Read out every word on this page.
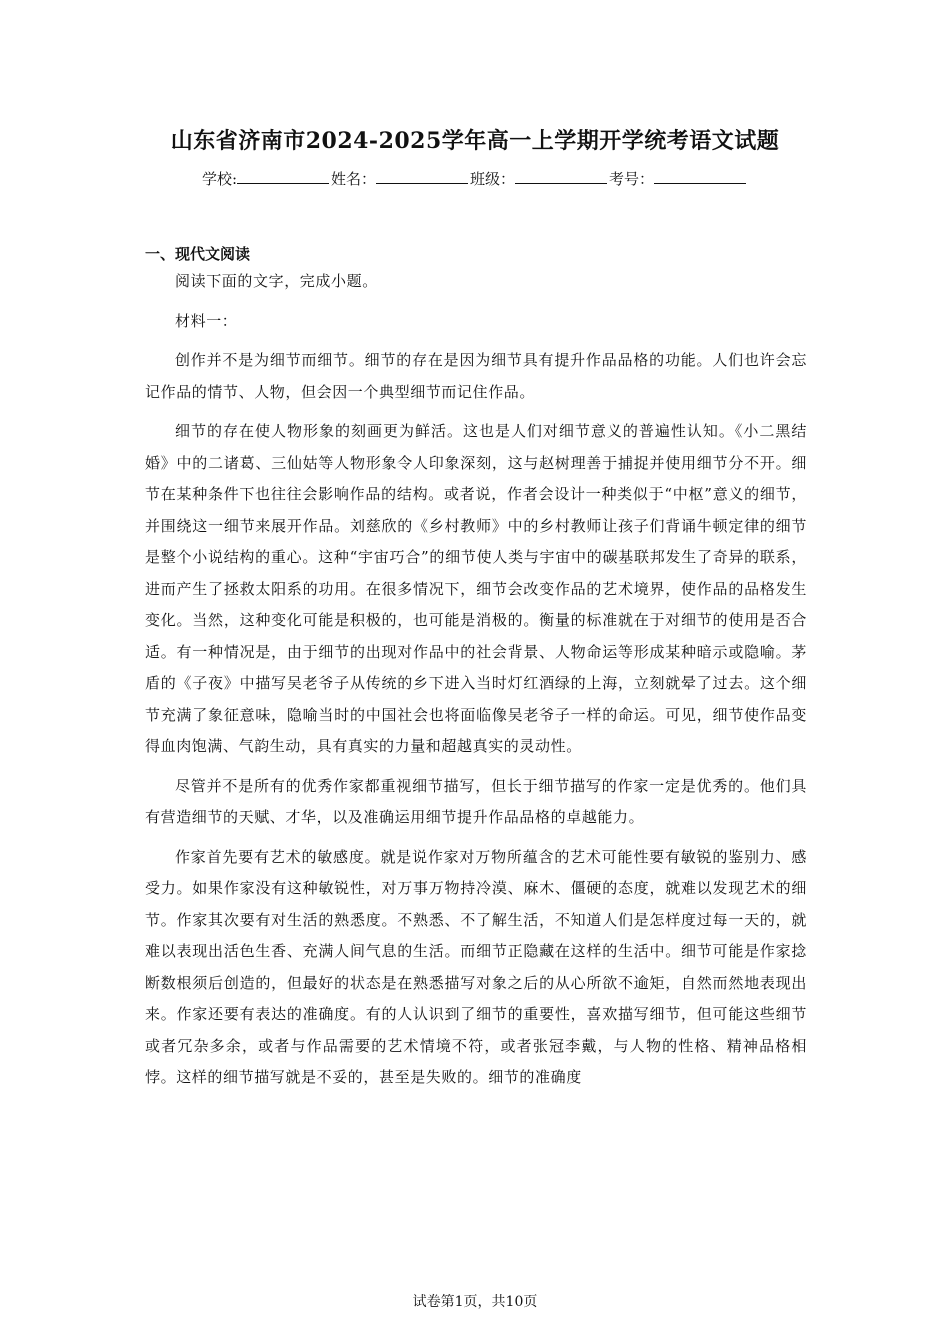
山东省济南市2024-2025学年高一上学期开学统考语文试题
学校:	姓名：	班级：	考号：
一、现代文阅读

阅读下面的文字，完成小题。

材料一：

创作并不是为细节而细节。细节的存在是因为细节具有提升作品品格的功能。人们也许会忘记作品的情节、人物，但会因一个典型细节而记住作品。

细节的存在使人物形象的刻画更为鲜活。这也是人们对细节意义的普遍性认知。《小二黑结婚》中的二诸葛、三仙姑等人物形象令人印象深刻，这与赵树理善于捕捉并使用细节分不开。细节在某种条件下也往往会影响作品的结构。或者说，作者会设计一种类似于“中枢”意义的细节，并围绕这一细节来展开作品。刘慈欣的《乡村教师》中的乡村教师让孩子们背诵牛顿定律的细节是整个小说结构的重心。这种“宇宙巧合”的细节使人类与宇宙中的碳基联邦发生了奇异的联系，进而产生了拯救太阳系的功用。在很多情况下，细节会改变作品的艺术境界，使作品的品格发生变化。当然，这种变化可能是积极的，也可能是消极的。衡量的标准就在于对细节的使用是否合适。有一种情况是，由于细节的出现对作品中的社会背景、人物命运等形成某种暗示或隐喻。茅盾的《子夜》中描写吴老爷子从传统的乡下进入当时灯红酒绿的上海，立刻就晕了过去。这个细节充满了象征意味，隐喻当时的中国社会也将面临像吴老爷子一样的命运。可见，细节使作品变得血肉饱满、气韵生动，具有真实的力量和超越真实的灵动性。

尽管并不是所有的优秀作家都重视细节描写，但长于细节描写的作家一定是优秀的。他们具有营造细节的天赋、才华，以及准确运用细节提升作品品格的卓越能力。

作家首先要有艺术的敏感度。就是说作家对万物所蕴含的艺术可能性要有敏锐的鉴别力、感受力。如果作家没有这种敏锐性，对万事万物持冷漠、麻木、僵硬的态度，就难以发现艺术的细节。作家其次要有对生活的熟悉度。不熟悉、不了解生活，不知道人们是怎样度过每一天的，就难以表现出活色生香、充满人间气息的生活。而细节正隐藏在这样的生活中。细节可能是作家捻断数根须后创造的，但最好的状态是在熟悉描写对象之后的从心所欲不逾矩，自然而然地表现出来。作家还要有表达的准确度。有的人认识到了细节的重要性，喜欢描写细节，但可能这些细节或者冗杂多余，或者与作品需要的艺术情境不符，或者张冠李戴，与人物的性格、精神品格相悖。这样的细节描写就是不妥的，甚至是失败的。细节的准确度

试卷第1页，共10页
